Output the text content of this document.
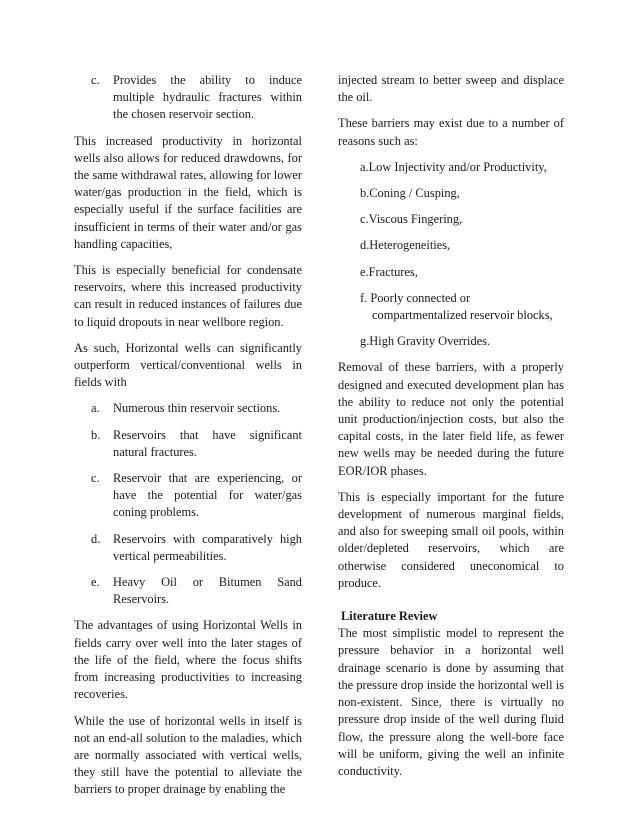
c.	Provides the ability to induce multiple hydraulic fractures within the chosen reservoir section.

This increased productivity in horizontal wells also allows for reduced drawdowns, for the same withdrawal rates, allowing for lower water/gas production in the field, which is especially useful if the surface facilities are insufficient in terms of their water and/or gas handling capacities,

This is especially beneficial for condensate reservoirs, where this increased productivity can result in reduced instances of failures due to liquid dropouts in near wellbore region.

As such, Horizontal wells can significantly outperform vertical/conventional wells in fields with

a.	Numerous thin reservoir sections.
b.	Reservoirs that have significant natural fractures.
c.	Reservoir that are experiencing, or have the potential for water/gas coning problems.
d.	Reservoirs with comparatively high vertical permeabilities.
e.	Heavy Oil or Bitumen Sand Reservoirs.

The advantages of using Horizontal Wells in fields carry over well into the later stages of the life of the field, where the focus shifts from increasing productivities to increasing recoveries.

While the use of horizontal wells in itself is not an end-all solution to the maladies, which are normally associated with vertical wells, they still have the potential to alleviate the barriers to proper drainage by enabling the

injected stream to better sweep and displace the oil.

These barriers may exist due to a number of reasons such as:

a.Low Injectivity and/or Productivity,
b.Coning / Cusping,
c.Viscous Fingering,
d.Heterogeneities,
e.Fractures,
f. Poorly connected or compartmentalized reservoir blocks,
g.High Gravity Overrides.

Removal of these barriers, with a properly designed and executed development plan has the ability to reduce not only the potential unit production/injection costs, but also the capital costs, in the later field life, as fewer new wells may be needed during the future EOR/IOR phases.

This is especially important for the future development of numerous marginal fields, and also for sweeping small oil pools, within older/depleted reservoirs, which are otherwise considered uneconomical to produce.

Literature Review

The most simplistic model to represent the pressure behavior in a horizontal well drainage scenario is done by assuming that the pressure drop inside the horizontal well is non-existent. Since, there is virtually no pressure drop inside of the well during fluid flow, the pressure along the well-bore face will be uniform, giving the well an infinite conductivity.
